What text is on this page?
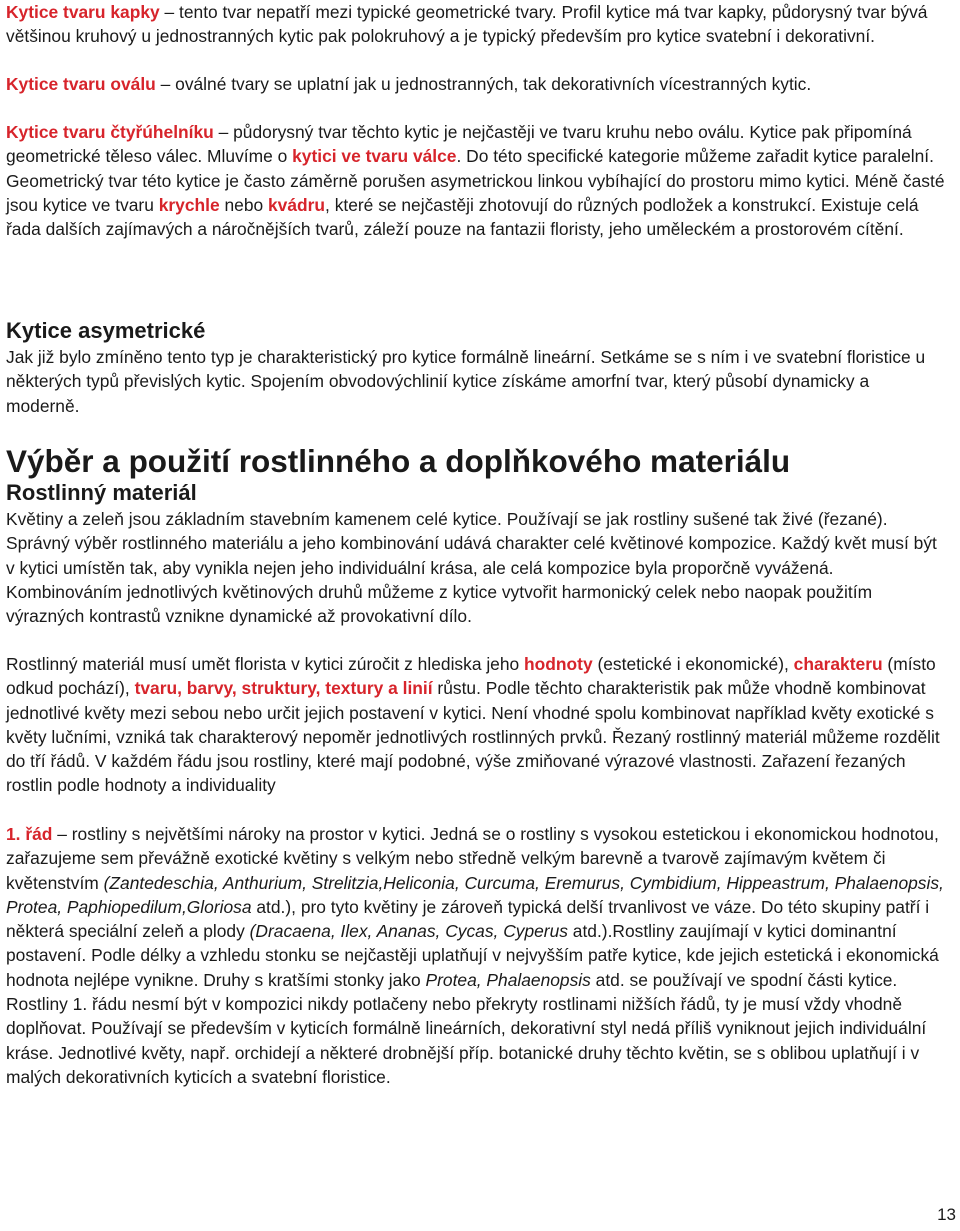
Kytice tvaru kapky – tento tvar nepatří mezi typické geometrické tvary. Profil kytice má tvar kapky, půdorysný tvar bývá většinou kruhový u jednostranných kytic pak polokruhový a je typický především pro kytice svatební i dekorativní.

Kytice tvaru oválu – oválné tvary se uplatní jak u jednostranných, tak dekorativních vícestranných kytic.

Kytice tvaru čtyřúhelníku – půdorysný tvar těchto kytic je nejčastěji ve tvaru kruhu nebo oválu. Kytice pak připomíná geometrické těleso válec. Mluvíme o kytici ve tvaru válce. Do této specifické kategorie můžeme zařadit kytice paralelní. Geometrický tvar této kytice je často záměrně porušen asymetrickou linkou vybíhající do prostoru mimo kytici. Méně časté jsou kytice ve tvaru krychle nebo kvádru, které se nejčastěji zhotovují do různých podložek a konstrukcí. Existuje celá řada dalších zajímavých a náročnějších tvarů, záleží pouze na fantazii floristy, jeho uměleckém a prostorovém cítění.

Kytice asymetrické

Jak již bylo zmíněno tento typ je charakteristický pro kytice formálně lineární. Setkáme se s ním i ve svatební floristice u některých typů převislých kytic. Spojením obvodovýchlinií kytice získáme amorfní tvar, který působí dynamicky a moderně.

Výběr a použití rostlinného a doplňkového materiálu
Rostlinný materiál

Květiny a zeleň jsou základním stavebním kamenem celé kytice. Používají se jak rostliny sušené tak živé (řezané). Správný výběr rostlinného materiálu a jeho kombinování udává charakter celé květinové kompozice. Každý květ musí být v kytici umístěn tak, aby vynikla nejen jeho individuální krása, ale celá kompozice byla proporčně vyvážená. Kombinováním jednotlivých květinových druhů můžeme z kytice vytvořit harmonický celek nebo naopak použitím výrazných kontrastů vznikne dynamické až provokativní dílo.

Rostlinný materiál musí umět florista v kytici zúročit z hlediska jeho hodnoty (estetické i ekonomické), charakteru (místo odkud pochází), tvaru, barvy, struktury, textury a linií růstu. Podle těchto charakteristik pak může vhodně kombinovat jednotlivé květy mezi sebou nebo určit jejich postavení v kytici. Není vhodné spolu kombinovat například květy exotické s květy lučními, vzniká tak charakterový nepoměr jednotlivých rostlinných prvků. Řezaný rostlinný materiál můžeme rozdělit do tří řádů. V každém řádu jsou rostliny, které mají podobné, výše zmiňované výrazové vlastnosti. Zařazení řezaných rostlin podle hodnoty a individuality

1. řád – rostliny s největšími nároky na prostor v kytici. Jedná se o rostliny s vysokou estetickou i ekonomickou hodnotou, zařazujeme sem převážně exotické květiny s velkým nebo středně velkým barevně a tvarově zajímavým květem či květenstvím (Zantedeschia, Anthurium, Strelitzia,Heliconia, Curcuma, Eremurus, Cymbidium, Hippeastrum, Phalaenopsis, Protea, Paphiopedilum,Gloriosa atd.), pro tyto květiny je zároveň typická delší trvanlivost ve váze. Do této skupiny patří i některá speciální zeleň a plody (Dracaena, Ilex, Ananas, Cycas, Cyperus atd.).Rostliny zaujímají v kytici dominantní postavení. Podle délky a vzhledu stonku se nejčastěji uplatňují v nejvyšším patře kytice, kde jejich estetická i ekonomická hodnota nejlépe vynikne. Druhy s kratšími stonky jako Protea, Phalaenopsis atd. se používají ve spodní části kytice. Rostliny 1. řádu nesmí být v kompozici nikdy potlačeny nebo překryty rostlinami nižších řádů, ty je musí vždy vhodně doplňovat. Používají se především v kyticích formálně lineárních, dekorativní styl nedá příliš vyniknout jejich individuální kráse. Jednotlivé květy, např. orchidejí a některé drobnější příp. botanické druhy těchto květin, se s oblibou uplatňují i v malých dekorativních kyticích a svatební floristice.

13
